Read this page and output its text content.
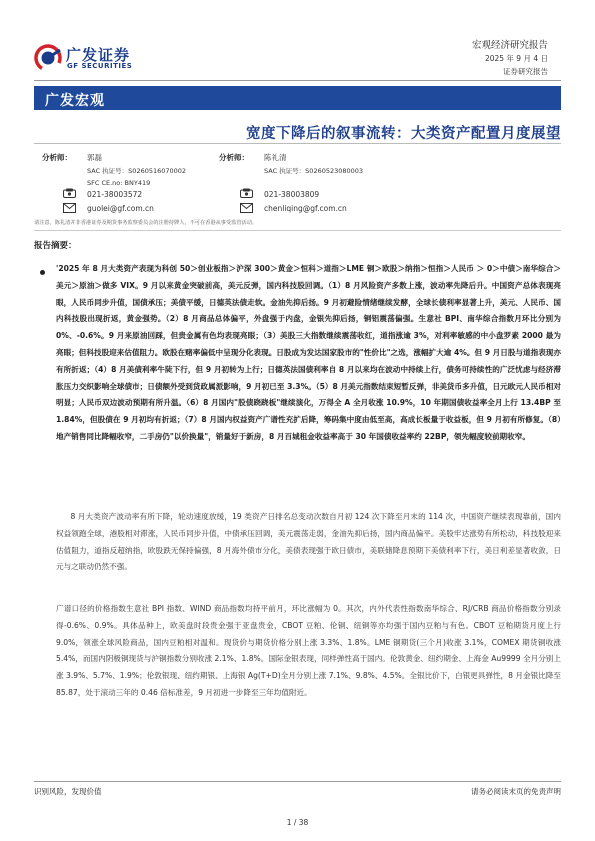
广发证券
GF SECURITIES
宏观经济研究报告
2025 年 9 月 4 日
证券研究报告
广发宏观
宽度下降后的叙事流转：大类资产配置月度展望
分析师： 郭磊
SAC 执证号：S0260516070002
SFC CE.no: BNY419
021-38003572
guolei@gf.com.cn
分析师： 陈礼清
SAC 执证号：S0260523080003
021-38003809
chenliqing@gf.com.cn
请注意，陈礼清并非香港证券及期货事务监察委员会的注册持牌人，不可在香港从事受监管活动。
报告摘要：
'2025 年 8 月大类资产表现为科创 50＞创业板指＞沪深 300＞黄金＞恒科＞道指＞LME 铜＞欧股＞纳指＞恒指＞人民币 ＞ 0＞中债＞南华综合＞美元＞原油＞做多 VIX。9 月以来黄金突破前高，美元反弹，国内科技股回调。（1）8 月风险资产多数上涨，波动率先降后升。中国资产总体表现亮眼，人民币同步升值，国债承压；美债平缓，日德英法债走软。金油先抑后扬。9 月初避险情绪继续发酵，全球长债利率显著上升，美元、人民币、国内科技股出现折返，黄金强势。（2）8 月商品总体偏平，外盘强于内盘，金银先抑后扬，铜铝震荡偏强。生意社 BPI、南华综合指数月环比分别为 0%、-0.6%。9 月来原油回踩，但贵金属有色均表现亮眼；（3）美股三大指数继续震荡收红，道指涨逾 3%，对利率敏感的中小盘罗素 2000 最为亮眼；但科技股迎来估值阻力。欧股在赌率偏低中呈现分化表现。日股成为发达国家股市的"性价比"之选，涨幅扩大逾 4%。但 9 月日股与道指表现亦有所折返；（4）8 月美债利率牛陡下行，但 9 月初转为上行；日德英法国债利率自 8 月以来均在波动中持续上行，债务可持续性的广泛忧虑与经济滞胀压力交织影响全球债市；日债额外受到货政属派影响，9 月初已至 3.3%。（5）8 月美元指数结束短暂反弹，非美货币多升值，日元欧元人民币相对明显；人民币双边波动预期有所升温。（6）8 月国内"股债跷跷板"继续演化，万得全 A 全月收涨 10.9%，10 年期国债收益率全月上行 13.4BP 至 1.84%，但股债在 9 月初均有折返；（7）8 月国内权益资产广谱性充扩后降，筹码集中度由低至高，高成长板量于收益板，但 9 月初有所修复。（8）地产销售同比降幅收窄，二手房仍"以价换量"，销量好于新房，8 月百城租金收益率高于 30 年国债收益率约 22BP，领先幅度较前期收窄。
8 月大类资产波动率有所下降，轮动速度放缓，19 类资产日排名总变动次数自月初 124 次下降至月末的 114 次，中国资产继续表现靠前，国内权益领跑全球，港股相对滞涨，人民币同步升值，中债承压回调，美元震荡走弱，金油先抑后扬，国内商品偏平。美股牢达涨势有所松动，科技股迎来估值阻力，道指反超纳指，欧股跌无保持偏强，8 月海外债市分化，美债表现强于欧日债市，美联储降息预期下美债利率下行，美日利差显著收敛，日元与之联动仍然不强。
广谱口径的价格指数生意社 BPI 指数、WIND 商品指数均持平前月，环比涨幅为 0。其次，内外代表性指数南华综合、RJ/CRB 商品价格指数分别录得-0.6%、0.9%。具体品种上，欧美盘时段贵金强于亚盘贵金，CBOT 豆粕、伦铜、纽铜等亦均强于国内豆粕与有色。CBOT 豆粕期货月度上行 9.0%，领涨全球风险商品，国内豆粕相对温和。现货价与期货价格分别上涨 3.3%、1.8%。LME 铜期货(三个月)收涨 3.1%，COMEX 期货铜收涨 5.4%，而国内阴极铜现货与沪铜指数分别收涨 2.1%、1.8%。国际金银表现，同样弹性高于国内。伦敦黄金、纽约期金、上海金 Au9999 全月分别上涨 3.9%、5.7%、1.9%；伦敦银现、纽约期银、上海银 Ag(T+D)全月分别上涨 7.1%、9.8%、4.5%。全银比价下，白银更具弹性，8 月金银比降至 85.87，处于滚动三年的 0.46 倍标准差，9 月初进一步降至三年均值附近。
识别风险，发现价值	请务必阅读末页的免责声明
1 / 38
